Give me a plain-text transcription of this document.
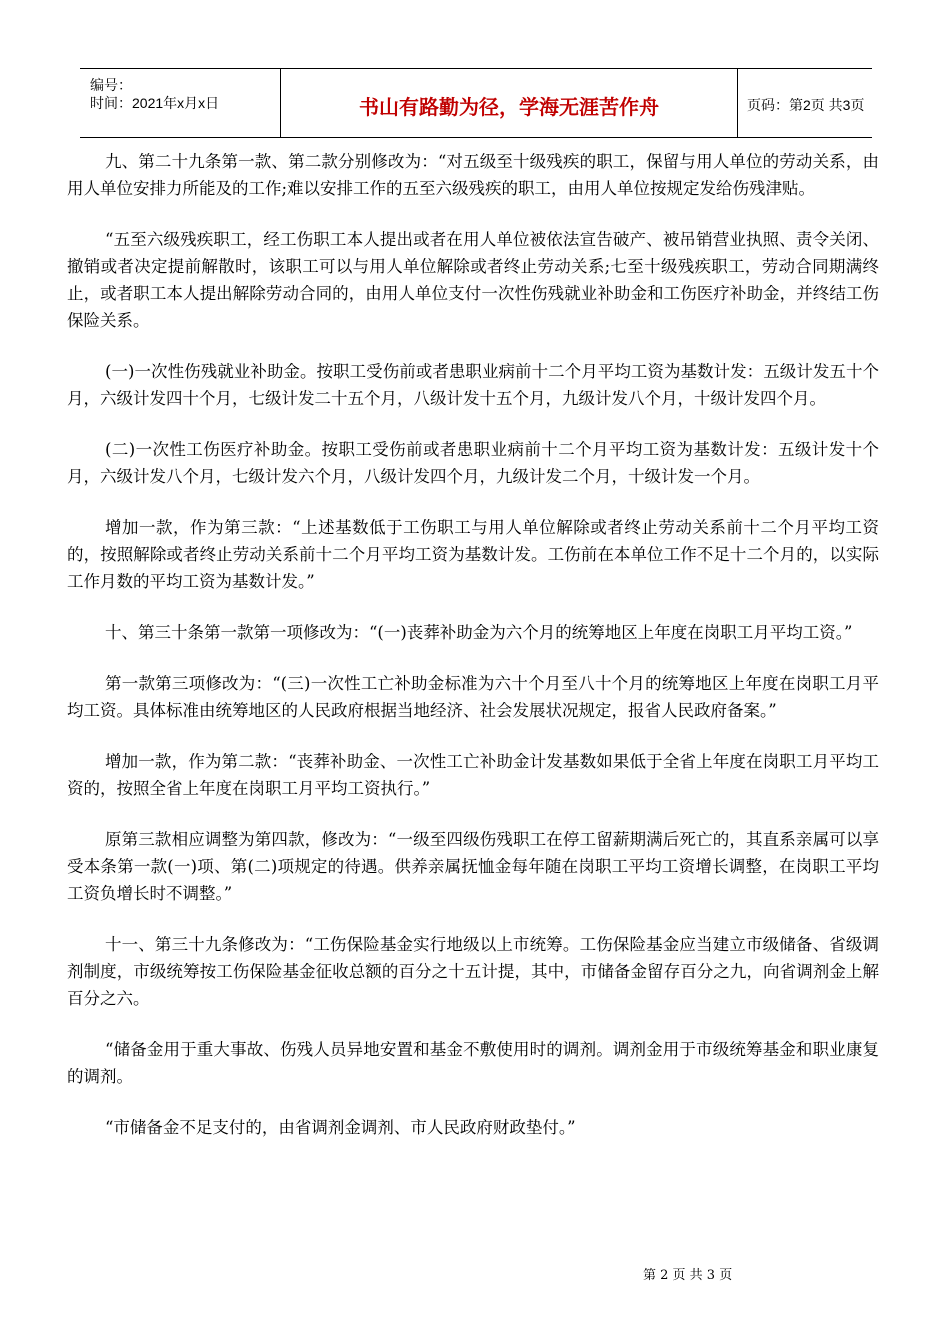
编号：
时间：2021年x月x日	书山有路勤为径，学海无涯苦作舟	页码：第2页 共3页

九、第二十九条第一款、第二款分别修改为：“对五级至十级残疾的职工，保留与用人单位的劳动关系，由用人单位安排力所能及的工作;难以安排工作的五至六级残疾的职工，由用人单位按规定发给伤残津贴。

“五至六级残疾职工，经工伤职工本人提出或者在用人单位被依法宣告破产、被吊销营业执照、责令关闭、撤销或者决定提前解散时，该职工可以与用人单位解除或者终止劳动关系;七至十级残疾职工，劳动合同期满终止，或者职工本人提出解除劳动合同的，由用人单位支付一次性伤残就业补助金和工伤医疗补助金，并终结工伤保险关系。

(一)一次性伤残就业补助金。按职工受伤前或者患职业病前十二个月平均工资为基数计发：五级计发五十个月，六级计发四十个月，七级计发二十五个月，八级计发十五个月，九级计发八个月，十级计发四个月。

(二)一次性工伤医疗补助金。按职工受伤前或者患职业病前十二个月平均工资为基数计发：五级计发十个月，六级计发八个月，七级计发六个月，八级计发四个月，九级计发二个月，十级计发一个月。

增加一款，作为第三款：“上述基数低于工伤职工与用人单位解除或者终止劳动关系前十二个月平均工资的，按照解除或者终止劳动关系前十二个月平均工资为基数计发。工伤前在本单位工作不足十二个月的，以实际工作月数的平均工资为基数计发。”

十、第三十条第一款第一项修改为：“(一)丧葬补助金为六个月的统筹地区上年度在岗职工月平均工资。”

第一款第三项修改为：“(三)一次性工亡补助金标准为六十个月至八十个月的统筹地区上年度在岗职工月平均工资。具体标准由统筹地区的人民政府根据当地经济、社会发展状况规定，报省人民政府备案。”

增加一款，作为第二款：“丧葬补助金、一次性工亡补助金计发基数如果低于全省上年度在岗职工月平均工资的，按照全省上年度在岗职工月平均工资执行。”

原第三款相应调整为第四款，修改为：“一级至四级伤残职工在停工留薪期满后死亡的，其直系亲属可以享受本条第一款(一)项、第(二)项规定的待遇。供养亲属抚恤金每年随在岗职工平均工资增长调整，在岗职工平均工资负增长时不调整。”

十一、第三十九条修改为：“工伤保险基金实行地级以上市统筹。工伤保险基金应当建立市级储备、省级调剂制度，市级统筹按工伤保险基金征收总额的百分之十五计提，其中，市储备金留存百分之九，向省调剂金上解百分之六。

“储备金用于重大事故、伤残人员异地安置和基金不敷使用时的调剂。调剂金用于市级统筹基金和职业康复的调剂。

“市储备金不足支付的，由省调剂金调剂、市人民政府财政垫付。”

第 2 页 共 3 页
